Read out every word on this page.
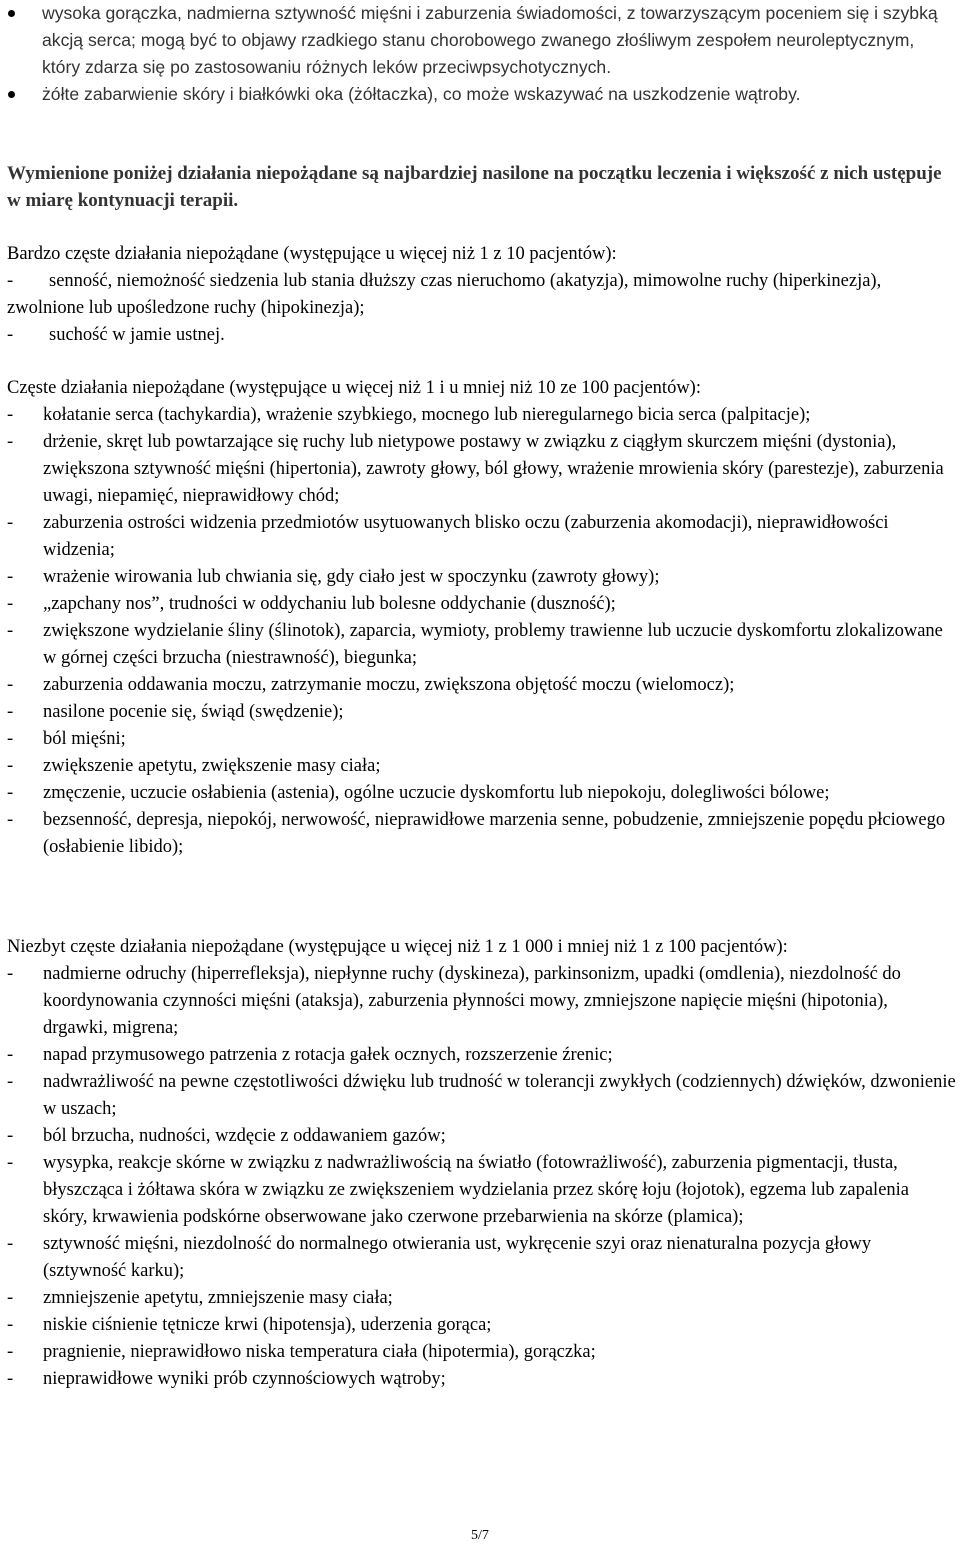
wysoka gorączka, nadmierna sztywność mięśni i zaburzenia świadomości, z towarzyszącym poceniem się i szybką akcją serca; mogą być to objawy rzadkiego stanu chorobowego zwanego złośliwym zespołem neuroleptycznym, który zdarza się po zastosowaniu różnych leków przeciwpsychotycznych.
żółte zabarwienie skóry i białkówki oka (żółtaczka), co może wskazywać na uszkodzenie wątroby.

Wymienione poniżej działania niepożądane są najbardziej nasilone na początku leczenia i większość z nich ustępuje w miarę kontynuacji terapii.

Bardzo częste działania niepożądane (występujące u więcej niż 1 z 10 pacjentów):

- senność, niemożność siedzenia lub stania dłuższy czas nieruchomo (akatyzja), mimowolne ruchy (hiperkinezja), zwolnione lub upośledzone ruchy (hipokinezja);
- suchość w jamie ustnej.

Częste działania niepożądane (występujące u więcej niż 1 i u mniej niż 10 ze 100 pacjentów):

- kołatanie serca (tachykardia), wrażenie szybkiego, mocnego lub nieregularnego bicia serca (palpitacje);
- drżenie, skręt lub powtarzające się ruchy lub nietypowe postawy w związku z ciągłym skurczem mięśni (dystonia), zwiększona sztywność mięśni (hipertonia), zawroty głowy, ból głowy, wrażenie mrowienia skóry (parestezje), zaburzenia uwagi, niepamięć, nieprawidłowy chód;
- zaburzenia ostrości widzenia przedmiotów usytuowanych blisko oczu (zaburzenia akomodacji), nieprawidłowości widzenia;
- wrażenie wirowania lub chwiania się, gdy ciało jest w spoczynku (zawroty głowy);
- „zapchany nos”, trudności w oddychaniu lub bolesne oddychanie (duszność);
- zwiększone wydzielanie śliny (ślinotok), zaparcia, wymioty, problemy trawienne lub uczucie dyskomfortu zlokalizowane w górnej części brzucha (niestrawność), biegunka;
- zaburzenia oddawania moczu, zatrzymanie moczu, zwiększona objętość moczu (wielomocz);
- nasilone pocenie się, świąd (swędzenie);
- ból mięśni;
- zwiększenie apetytu, zwiększenie masy ciała;
- zmęczenie, uczucie osłabienia (astenia), ogólne uczucie dyskomfortu lub niepokoju, dolegliwości bólowe;
- bezsenność, depresja, niepokój, nerwowość, nieprawidłowe marzenia senne, pobudzenie, zmniejszenie popędu płciowego (osłabienie libido);

Niezbyt częste działania niepożądane (występujące u więcej niż 1 z 1 000 i mniej niż 1 z 100 pacjentów):

- nadmierne odruchy (hiperrefleksja), niepłynne ruchy (dyskineza), parkinsonizm, upadki (omdlenia), niezdolność do koordynowania czynności mięśni (ataksja), zaburzenia płynności mowy, zmniejszone napięcie mięśni (hipotonia), drgawki, migrena;
- napad przymusowego patrzenia z rotacja gałek ocznych, rozszerzenie źrenic;
- nadwrażliwość na pewne częstotliwości dźwięku lub trudność w tolerancji zwykłych (codziennych) dźwięków, dzwonienie w uszach;
- ból brzucha, nudności, wzdęcie z oddawaniem gazów;
- wysypka, reakcje skórne w związku z nadwrażliwością na światło (fotowrażliwość), zaburzenia pigmentacji, tłusta, błyszcząca i żółtawa skóra w związku ze zwiększeniem wydzielania przez skórę łoju (łojotok), egzema lub zapalenia skóry, krwawienia podskórne obserwowane jako czerwone przebarwienia na skórze (plamica);
- sztywność mięśni, niezdolność do normalnego otwierania ust, wykręcenie szyi oraz nienaturalna pozycja głowy (sztywność karku);
- zmniejszenie apetytu, zmniejszenie masy ciała;
- niskie ciśnienie tętnicze krwi (hipotensja), uderzenia gorąca;
- pragnienie, nieprawidłowo niska temperatura ciała (hipotermia), gorączka;
- nieprawidłowe wyniki prób czynnościowych wątroby;
5/7
